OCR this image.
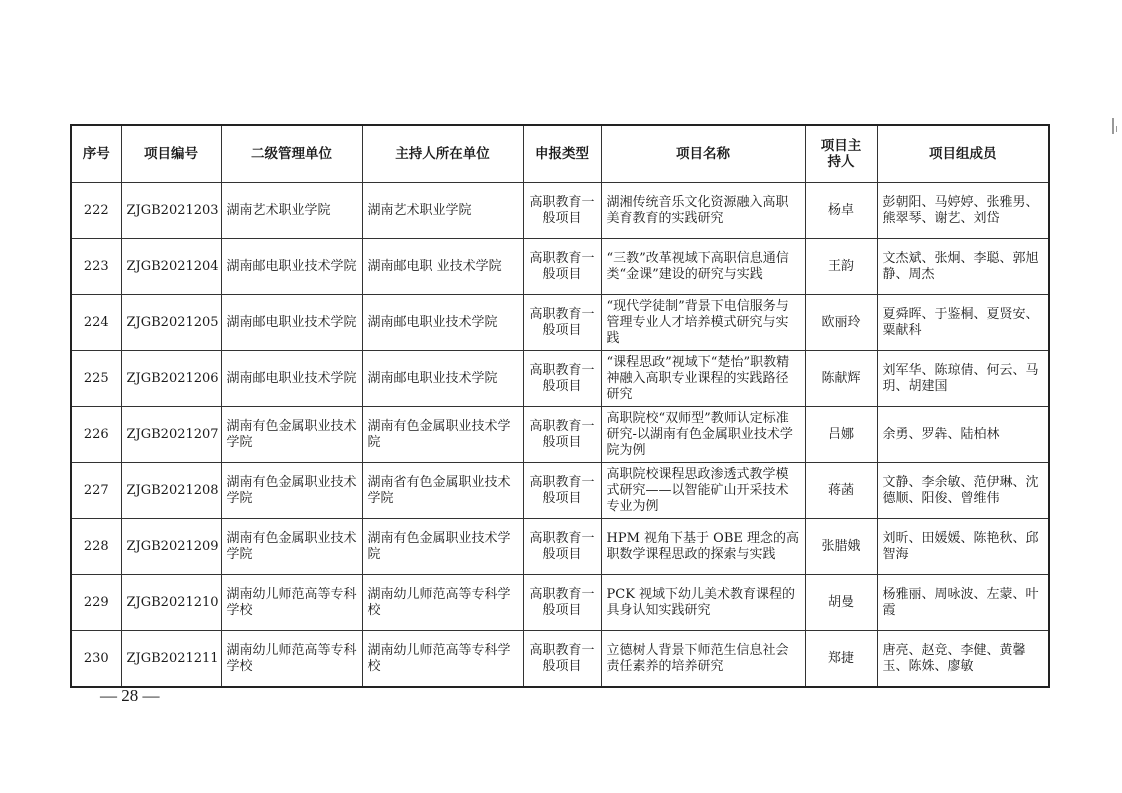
序号	项目编号	二级管理单位	主持人所在单位	申报类型	项目名称	项目主持人	项目组成员
222	ZJGB2021203	湖南艺术职业学院	湖南艺术职业学院	高职教育一般项目	湖湘传统音乐文化资源融入高职美育教育的实践研究	杨卓	彭朝阳、马婷婷、张雅男、熊翠琴、谢艺、刘岱
223	ZJGB2021204	湖南邮电职业技术学院	湖南邮电职 业技术学院	高职教育一般项目	“三教”改革视域下高职信息通信类“金课”建设的研究与实践	王韵	文杰斌、张炯、李聪、郭旭静、周杰
224	ZJGB2021205	湖南邮电职业技术学院	湖南邮电职业技术学院	高职教育一般项目	“现代学徒制”背景下电信服务与管理专业人才培养模式研究与实践	欧丽玲	夏舜晖、于鉴桐、夏贤安、粟献科
225	ZJGB2021206	湖南邮电职业技术学院	湖南邮电职业技术学院	高职教育一般项目	“课程思政”视域下“楚怡”职教精神融入高职专业课程的实践路径研究	陈献辉	刘军华、陈琼倩、何云、马玥、胡建国
226	ZJGB2021207	湖南有色金属职业技术学院	湖南有色金属职业技术学院	高职教育一般项目	高职院校“双师型”教师认定标准研究-以湖南有色金属职业技术学院为例	吕娜	余勇、罗犇、陆柏林
227	ZJGB2021208	湖南有色金属职业技术学院	湖南省有色金属职业技术学院	高职教育一般项目	高职院校课程思政渗透式教学模式研究——以智能矿山开采技术专业为例	蒋菡	文静、李余敏、范伊琳、沈德顺、阳俊、曾维伟
228	ZJGB2021209	湖南有色金属职业技术学院	湖南有色金属职业技术学院	高职教育一般项目	HPM 视角下基于 OBE 理念的高职数学课程思政的探索与实践	张腊娥	刘昕、田媛媛、陈艳秋、邱智海
229	ZJGB2021210	湖南幼儿师范高等专科学校	湖南幼儿师范高等专科学校	高职教育一般项目	PCK 视域下幼儿美术教育课程的具身认知实践研究	胡曼	杨雅丽、周咏波、左蒙、叶霞
230	ZJGB2021211	湖南幼儿师范高等专科学校	湖南幼儿师范高等专科学校	高职教育一般项目	立德树人背景下师范生信息社会责任素养的培养研究	郑捷	唐亮、赵竞、李健、黄馨玉、陈姝、廖敏
— 28 —
